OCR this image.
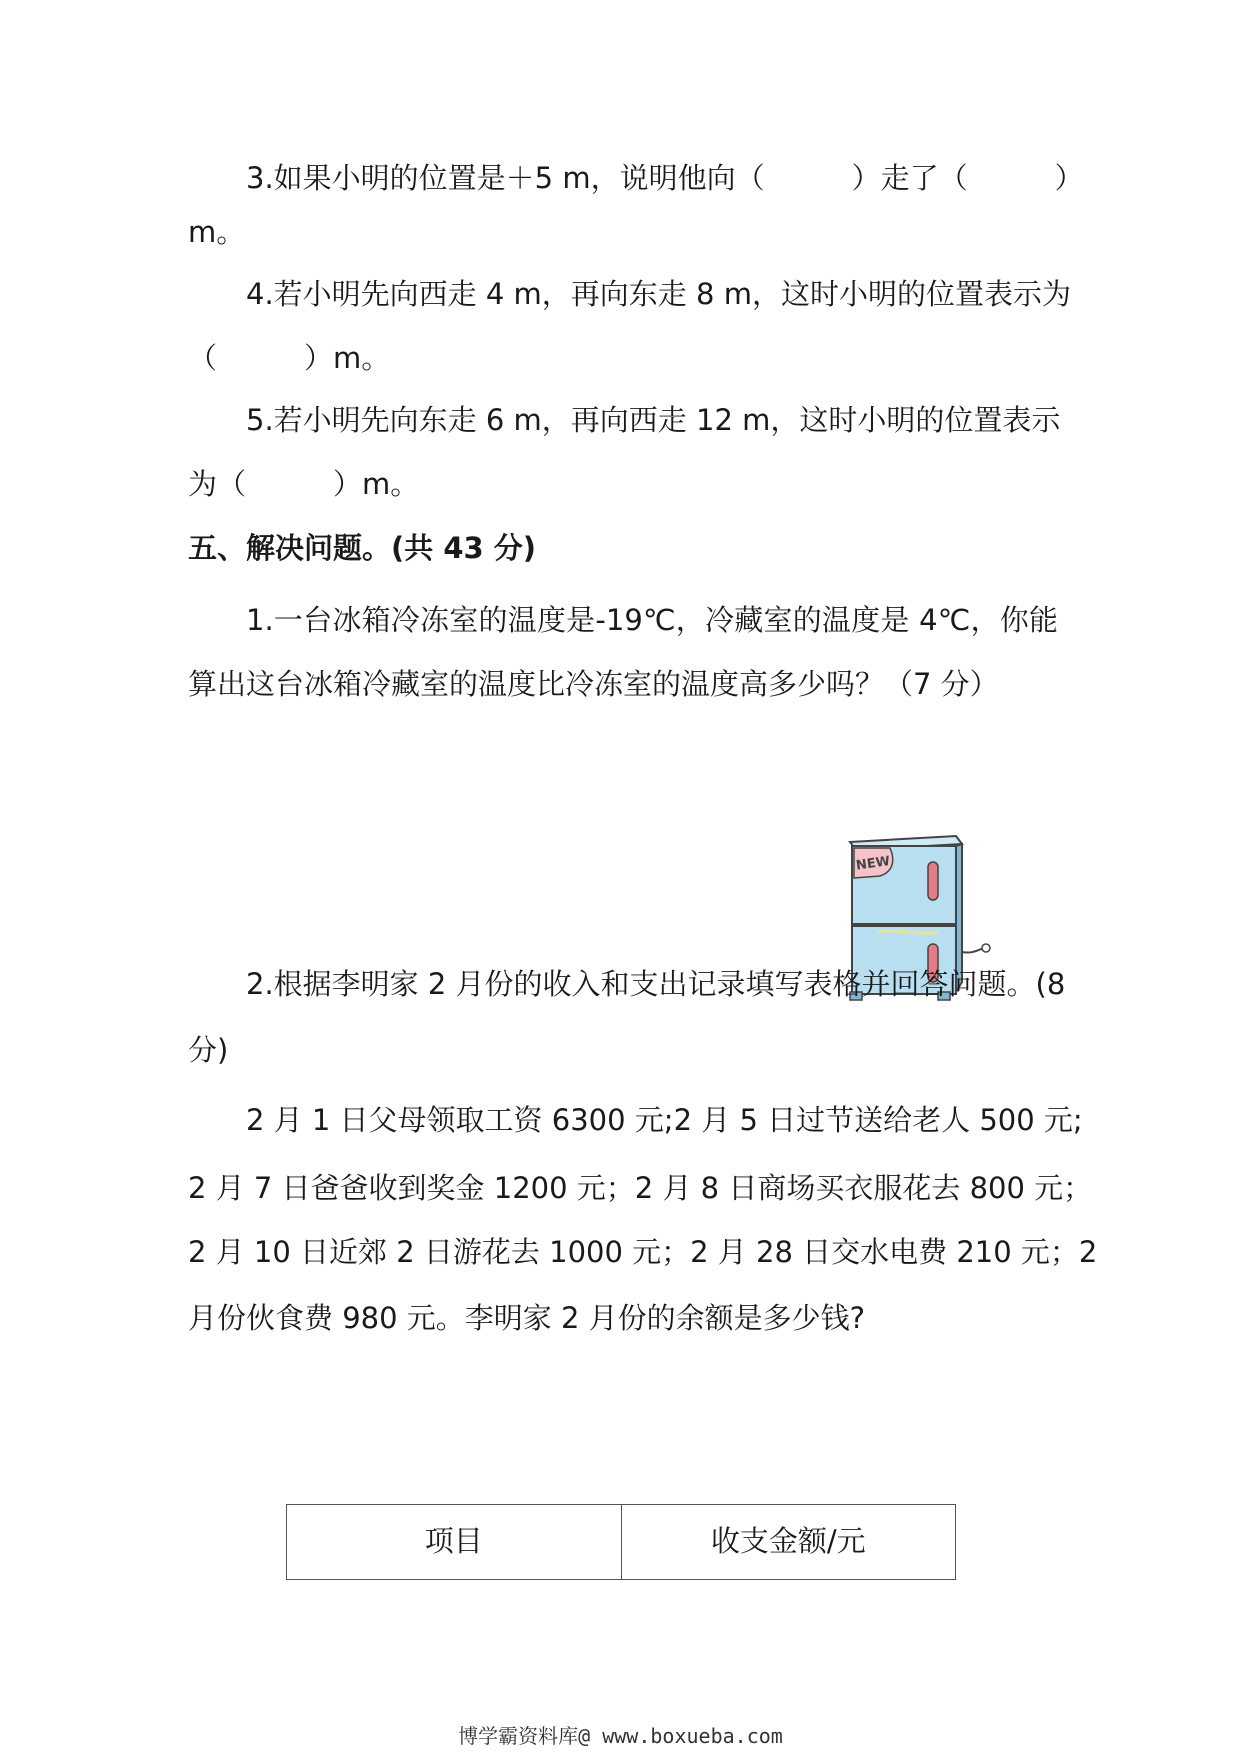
3.如果小明的位置是＋5 m，说明他向（　　　）走了（　　　）
m。
4.若小明先向西走 4 m，再向东走 8 m，这时小明的位置表示为
（　　　）m。
5.若小明先向东走 6 m，再向西走 12 m，这时小明的位置表示
为（　　　）m。
五、解决问题。(共 43 分)
1.一台冰箱冷冻室的温度是-19℃，冷藏室的温度是 4℃，你能
算出这台冰箱冷藏室的温度比冷冻室的温度高多少吗？（7 分）
NEW
2.根据李明家 2 月份的收入和支出记录填写表格并回答问题。(8
分)
2 月 1 日父母领取工资 6300 元;2 月 5 日过节送给老人 500 元;
2 月 7 日爸爸收到奖金 1200 元；2 月 8 日商场买衣服花去 800 元；
2 月 10 日近郊 2 日游花去 1000 元；2 月 28 日交水电费 210 元；2
月份伙食费 980 元。李明家 2 月份的余额是多少钱?
项目	收支金额/元
博学霸资料库@ www.boxueba.com
